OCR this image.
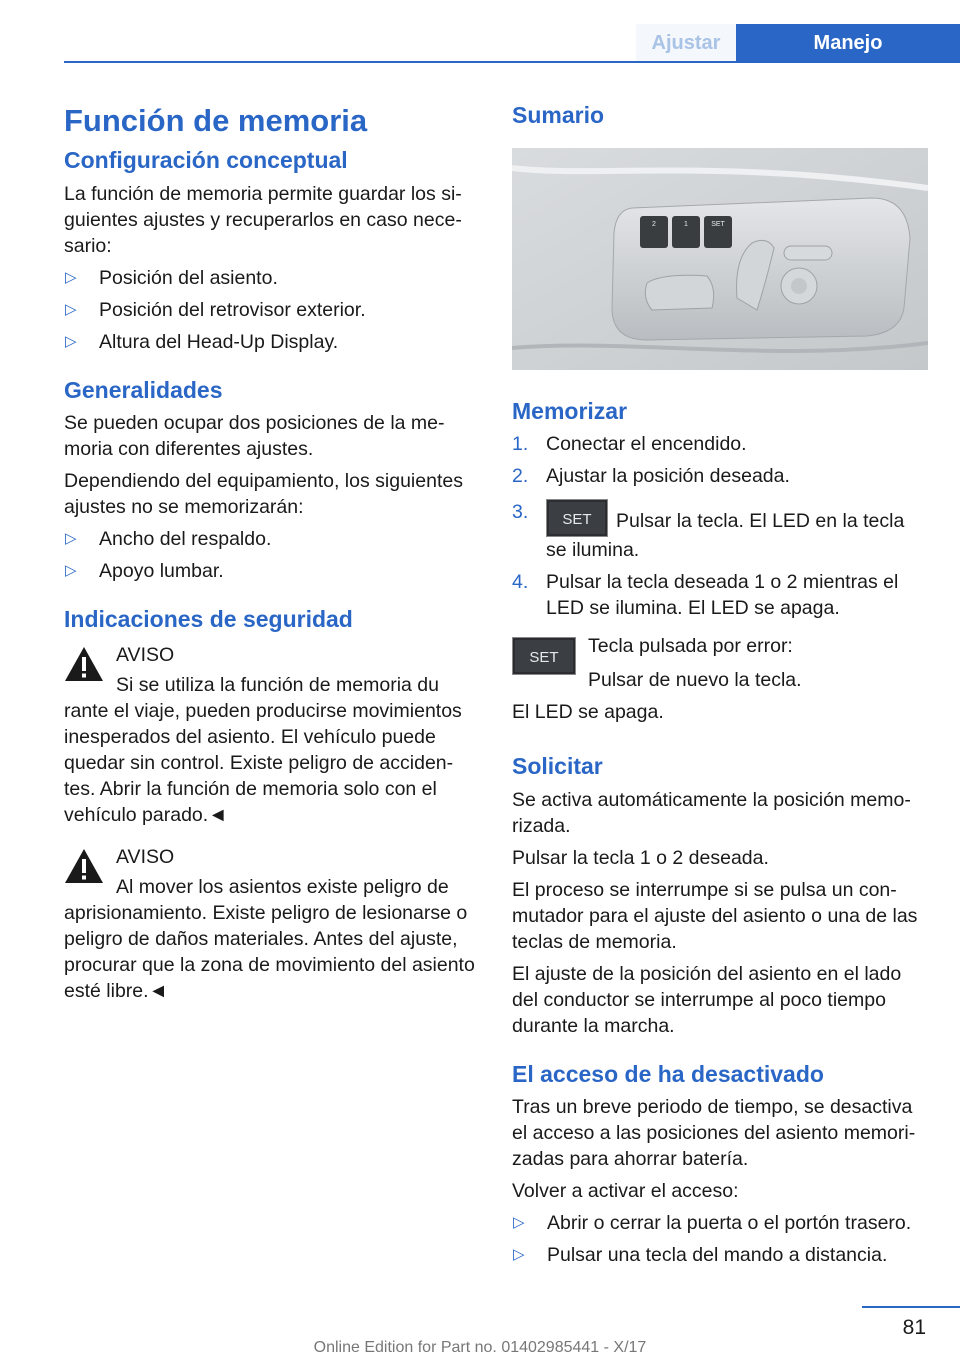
Ajustar	Manejo
Función de memoria
Configuración conceptual

La función de memoria permite guardar los siguientes ajustes y recuperarlos en caso necesario:

▷ Posición del asiento.
▷ Posición del retrovisor exterior.
▷ Altura del Head-Up Display.
Generalidades

Se pueden ocupar dos posiciones de la memoria con diferentes ajustes.

Dependiendo del equipamiento, los siguientes ajustes no se memorizarán:

▷ Ancho del respaldo.
▷ Apoyo lumbar.
Indicaciones de seguridad

AVISO

Si se utiliza la función de memoria du

rante el viaje, pueden producirse movimientos inesperados del asiento. El vehículo puede quedar sin control. Existe peligro de accidentes. Abrir la función de memoria solo con el vehículo parado.◄

AVISO

Al mover los asientos existe peligro de

aprisionamiento. Existe peligro de lesionarse o peligro de daños materiales. Antes del ajuste, procurar que la zona de movimiento del asiento esté libre.◄

Sumario
2	1	SET
Memorizar
1. Conectar el encendido.
2. Ajustar la posición deseada.
3. SET Pulsar la tecla. El LED en la tecla se ilumina.
4. Pulsar la tecla deseada 1 o 2 mientras el LED se ilumina. El LED se apaga.
SET

Tecla pulsada por error:

Pulsar de nuevo la tecla.

El LED se apaga.

Solicitar

Se activa automáticamente la posición memorizada.

Pulsar la tecla 1 o 2 deseada.

El proceso se interrumpe si se pulsa un conmutador para el ajuste del asiento o una de las teclas de memoria.

El ajuste de la posición del asiento en el lado del conductor se interrumpe al poco tiempo durante la marcha.

El acceso de ha desactivado

Tras un breve periodo de tiempo, se desactiva el acceso a las posiciones del asiento memorizadas para ahorrar batería.

Volver a activar el acceso:

▷ Abrir o cerrar la puerta o el portón trasero.
▷ Pulsar una tecla del mando a distancia.
81
Online Edition for Part no. 01402985441 - X/17
